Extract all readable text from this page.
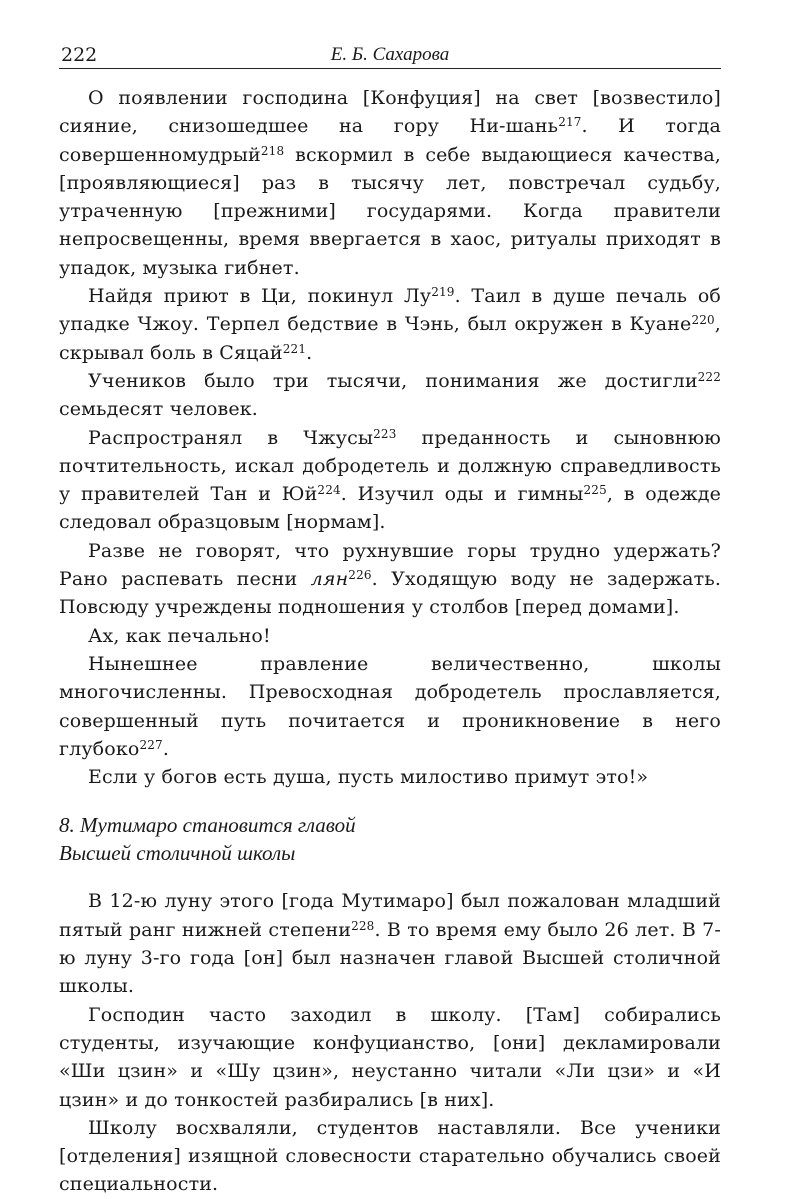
222	Е. Б. Сахарова

О появлении господина [Конфуция] на свет [возвестило] сияние, снизошедшее на гору Ни-шань$^{217}$. И тогда совершенномудрый$^{218}$ вскормил в себе выдающиеся качества, [проявляющиеся] раз в тысячу лет, повстречал судьбу, утраченную [прежними] государями. Когда правители непросвещенны, время ввергается в хаос, ритуалы приходят в упадок, музыка гибнет.

Найдя приют в Ци, покинул $Лу^{219}$. Таил в душе печаль об упадке Чжоу. Терпел бедствие в Чэнь, был окружен в Куане$^{220}$, скрывал боль в Сяцай$^{221}$.

Учеников было три тысячи, понимания же достигли$^{222}$ семьдесят человек.

Распространял в Чжусы$^{223}$ преданность и сыновнюю почтительность, искал добродетель и должную справедливость у правителей Тан и $Юй^{224}$. Изучил оды и гимны$^{225}$, в одежде следовал образцовым [нормам].

Разве не говорят, что рухнувшие горы трудно удержать? Рано распевать песни лян$^{226}$. Уходящую воду не задержать. Повсюду учреждены подношения у столбов [перед домами].

Ах, как печально!

Нынешнее правление величественно, школы многочисленны. Превосходная добродетель прославляется, совершенный путь почитается и проникновение в него глубоко$^{227}$.

Если у богов есть душа, пусть милостиво примут это!»

8. Мутимаро становится главой
Высшей столичной школы

В 12-ю луну этого [года Мутимаро] был пожалован младший пятый ранг нижней степени$^{228}$. В то время ему было 26 лет. В 7-ю луну 3-го года [он] был назначен главой Высшей столичной школы.

Господин часто заходил в школу. [Там] собирались студенты, изучающие конфуцианство, [они] декламировали «Ши цзин» и «Шу цзин», неустанно читали «Ли цзи» и «И цзин» и до тонкостей разбирались [в них].

Школу восхваляли, студентов наставляли. Все ученики [отделения] изящной словесности старательно обучались своей специальности.
